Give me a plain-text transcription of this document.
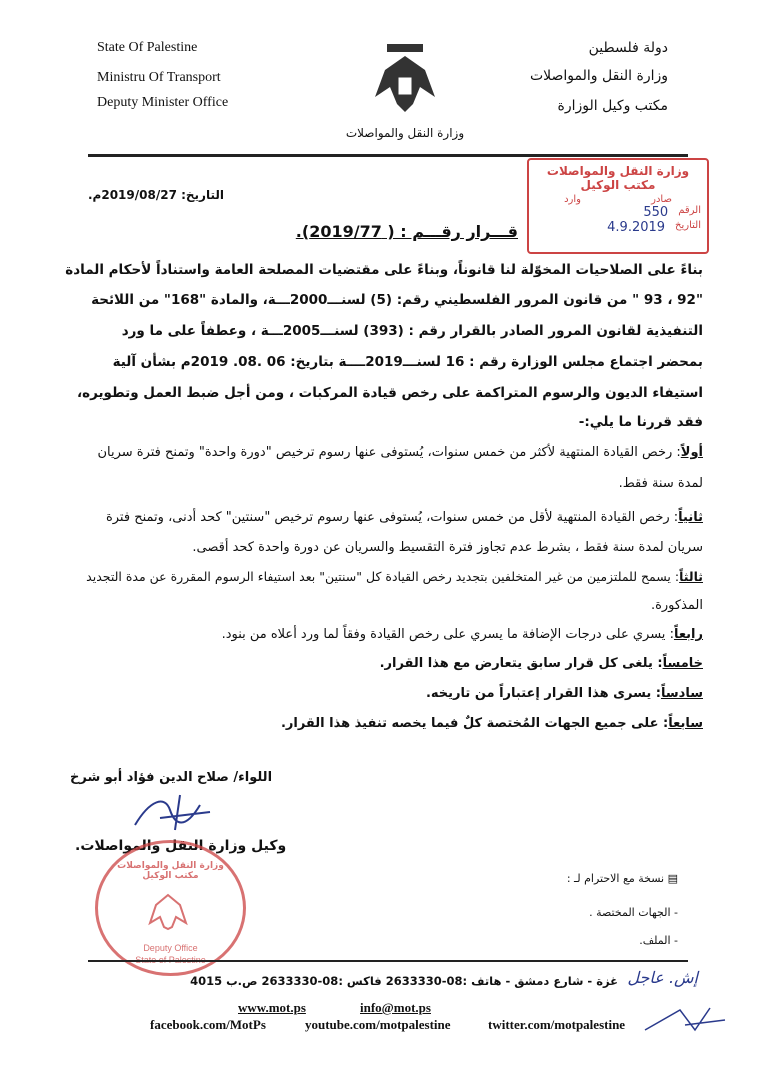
State Of Palestine
Ministru Of Transport
Deputy Minister Office
وزارة النقل والمواصلات
دولة فلسطين
وزارة النقل والمواصلات
مكتب وكيل الوزارة
وزارة النقل والمواصلات
مكتب الوكيل
صادر
وارد
الرقم
550
التاريخ
4.9.2019
التاريخ: 2019/08/27م.
قـــرار رقـــم : ( 2019/77).
بناءً على الصلاحيات المخوّلة لنا قانوناً، وبناءً على مقتضيات المصلحة العامة واستناداً لأحكام المادة
"92 ، 93 " من قانون المرور الفلسطيني رقم: (5) لسنـــ2000ـــة، والمادة "168" من اللائحة
التنفيذية لقانون المرور الصادر بالقرار رقم : (393) لسنـــ2005ـــة ، وعطفاً على ما ورد
بمحضر اجتماع مجلس الوزارة رقم : 16 لسنـــ2019ــــة بتاريخ: 06 .08. 2019م بشأن آلية
استيفاء الديون والرسوم المتراكمة على رخص قيادة المركبات ، ومن أجل ضبط العمل وتطويره،
فقد قررنا ما يلي:-
أولاً: رخص القيادة المنتهية لأكثر من خمس سنوات، يُستوفى عنها رسوم ترخيص "دورة واحدة" وتمنح فترة سريان
لمدة سنة فقط.
ثانياً: رخص القيادة المنتهية لأقل من خمس سنوات، يُستوفى عنها رسوم ترخيص "سنتين" كحد أدنى، وتمنح فترة
سريان لمدة سنة فقط ، بشرط عدم تجاوز فترة التقسيط والسريان عن دورة واحدة كحد أقصى.
ثالثاً: يسمح للملتزمين من غير المتخلفين بتجديد رخص القيادة كل "سنتين" بعد استيفاء الرسوم المقررة عن مدة التجديد
المذكورة.
رابعاً: يسري على درجات الإضافة ما يسري على رخص القيادة وفقاً لما ورد أعلاه من بنود.
خامساً: يلغى كل قرار سابق يتعارض مع هذا القرار.
سادساً: يسرى هذا القرار إعتباراً من تاريخه.
سابعاً: على جميع الجهات المُختصة كلٌ فيما يخصه تنفيذ هذا القرار.
اللواء/ صلاح الدين فؤاد أبو شرخ
وكيل وزارة النقل والمواصلات.
وزارة النقل والمواصلات مكتب الوكيل
Deputy Office
▤ نسخة مع الاحترام لـ :
- الجهات المختصة .
- الملف.
إش. عاجل
غزة - شارع دمشق - هاتف :08-2633330 فاكس :08-2633330 ص.ب 4015
www.mot.ps	info@mot.ps
facebook.com/MotPs	youtube.com/motpalestine	twitter.com/motpalestine
